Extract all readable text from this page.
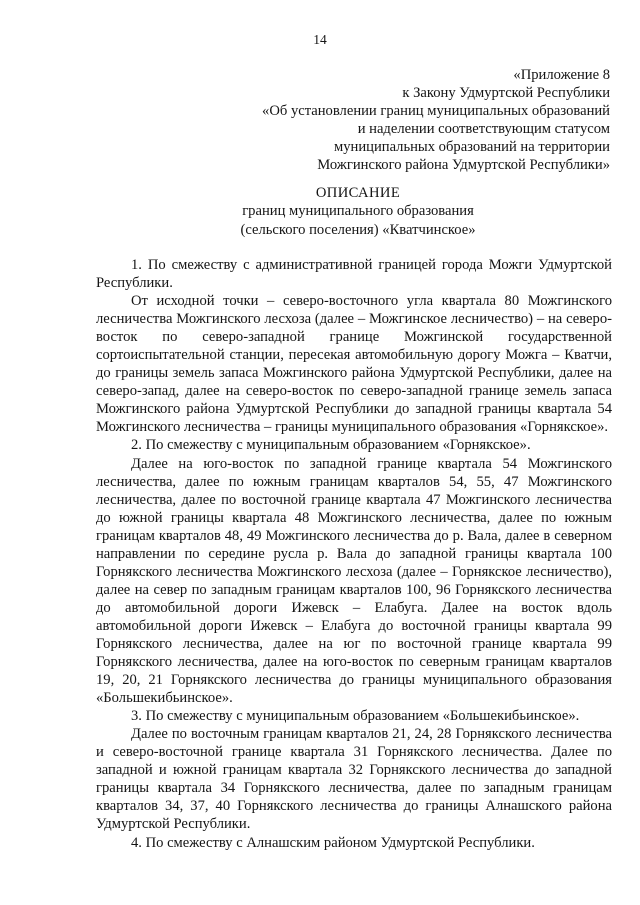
14
«Приложение 8
к Закону Удмуртской Республики
«Об установлении границ муниципальных образований
и наделении соответствующим статусом
муниципальных образований на территории
Можгинского района Удмуртской Республики»
ОПИСАНИЕ
границ муниципального образования
(сельского поселения) «Кватчинское»

1. По смежеству с административной границей города Можги Удмуртской Республики.

От исходной точки – северо-восточного угла квартала 80 Можгинского лесничества Можгинского лесхоза (далее – Можгинское лесничество) – на северо-восток по северо-западной границе Можгинской государственной сортоиспытательной станции, пересекая автомобильную дорогу Можга – Кватчи, до границы земель запаса Можгинского района Удмуртской Республики, далее на северо-запад, далее на северо-восток по северо-западной границе земель запаса Можгинского района Удмуртской Республики до западной границы квартала 54 Можгинского лесничества – границы муниципального образования «Горнякское».

2. По смежеству с муниципальным образованием «Горнякское».

Далее на юго-восток по западной границе квартала 54 Можгинского лесничества, далее по южным границам кварталов 54, 55, 47 Можгинского лесничества, далее по восточной границе квартала 47 Можгинского лесничества до южной границы квартала 48 Можгинского лесничества, далее по южным границам кварталов 48, 49 Можгинского лесничества до р. Вала, далее в северном направлении по середине русла р. Вала до западной границы квартала 100 Горнякского лесничества Можгинского лесхоза (далее – Горнякское лесничество), далее на север по западным границам кварталов 100, 96 Горнякского лесничества до автомобильной дороги Ижевск – Елабуга. Далее на восток вдоль автомобильной дороги Ижевск – Елабуга до восточной границы квартала 99 Горнякского лесничества, далее на юг по восточной границе квартала 99 Горнякского лесничества, далее на юго-восток по северным границам кварталов 19, 20, 21 Горнякского лесничества до границы муниципального образования «Большекибьинское».

3. По смежеству с муниципальным образованием «Большекибьинское».

Далее по восточным границам кварталов 21, 24, 28 Горнякского лесничества и северо-восточной границе квартала 31 Горнякского лесничества. Далее по западной и южной границам квартала 32 Горнякского лесничества до западной границы квартала 34 Горнякского лесничества, далее по западным границам кварталов 34, 37, 40 Горнякского лесничества до границы Алнашского района Удмуртской Республики.

4. По смежеству с Алнашским районом Удмуртской Республики.
